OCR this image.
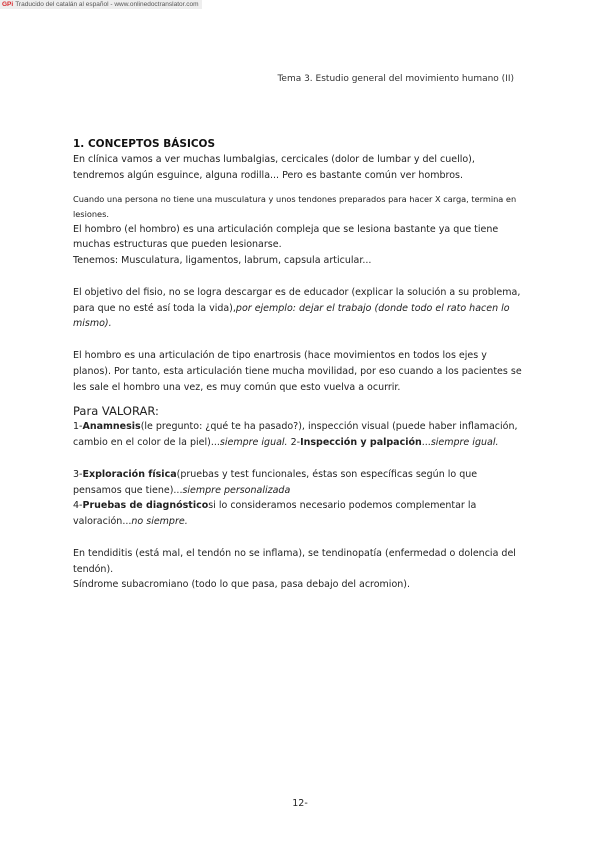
GPi Traducido del catalán al español - www.onlinedoctranslator.com
Tema 3. Estudio general del movimiento humano (II)

1. CONCEPTOS BÁSICOS

En clínica vamos a ver muchas lumbalgias, cercicales (dolor de lumbar y del cuello), tendremos algún esguince, alguna rodilla... Pero es bastante común ver hombros.

Cuando una persona no tiene una musculatura y unos tendones preparados para hacer X carga, termina en lesiones.

El hombro (el hombro) es una articulación compleja que se lesiona bastante ya que tiene muchas estructuras que pueden lesionarse.

Tenemos: Musculatura, ligamentos, labrum, capsula articular...

El objetivo del fisio, no se logra descargar es de educador (explicar la solución a su problema, para que no esté así toda la vida),por ejemplo: dejar el trabajo (donde todo el rato hacen lo mismo).

El hombro es una articulación de tipo enartrosis (hace movimientos en todos los ejes y planos). Por tanto, esta articulación tiene mucha movilidad, por eso cuando a los pacientes se les sale el hombro una vez, es muy común que esto vuelva a ocurrir.

Para VALORAR:

1-Anamnesis(le pregunto: ¿qué te ha pasado?), inspección visual (puede haber inflamación, cambio en el color de la piel)...siempre igual. 2-Inspección y palpación...siempre igual.

3-Exploración física(pruebas y test funcionales, éstas son específicas según lo que pensamos que tiene)...siempre personalizada

4-Pruebas de diagnósticosi lo consideramos necesario podemos complementar la valoración...no siempre.

En tendiditis (está mal, el tendón no se inflama), se tendinopatía (enfermedad o dolencia del tendón).

Síndrome subacromiano (todo lo que pasa, pasa debajo del acromion).

12-
